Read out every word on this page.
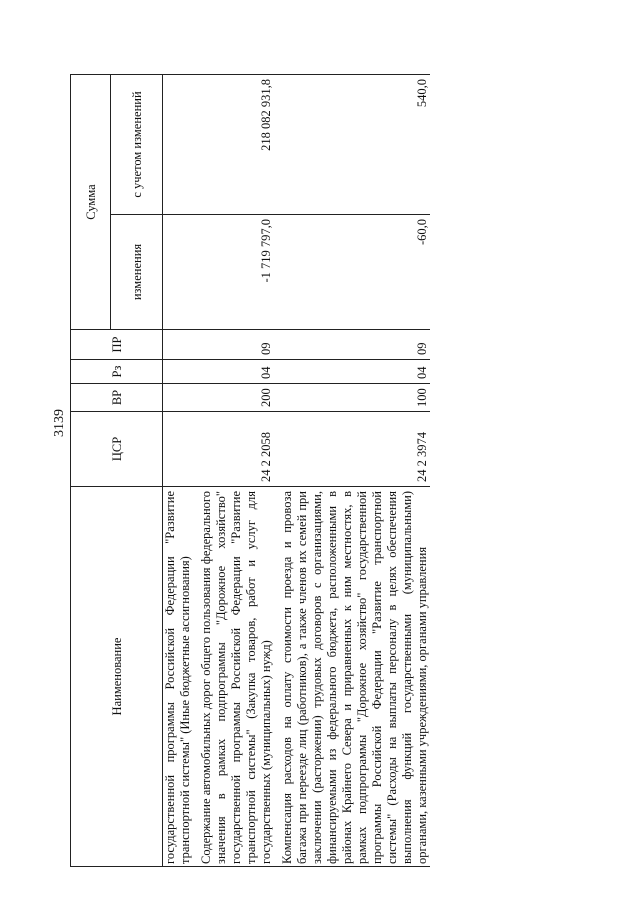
3139
Наименование	ЦСР	ВР	Рз	ПР	Сумма	
					изменения	с учетом изменений
государственной программы Российской Федерации "Развитие транспортной системы" (Иные бюджетные ассигнования)						
Содержание автомобильных дорог общего пользования федерального значения в рамках подпрограммы "Дорожное хозяйство" государственной программы Российской Федерации "Развитие транспортной системы" (Закупка товаров, работ и услуг для государственных (муниципальных) нужд)	24 2 2058	200	04	09	-1 719 797,0	218 082 931,8
Компенсация расходов на оплату стоимости проезда и провоза багажа при переезде лиц (работников), а также членов их семей при заключении (расторжении) трудовых договоров с организациями, финансируемыми из федерального бюджета, расположенными в районах Крайнего Севера и приравненных к ним местностях, в рамках подпрограммы "Дорожное хозяйство" государственной программы Российской Федерации "Развитие транспортной системы" (Расходы на выплаты персоналу в целях обеспечения выполнения функций государственными (муниципальными) органами, казенными учреждениями, органами управления	24 2 3974	100	04	09	-60,0	540,0
